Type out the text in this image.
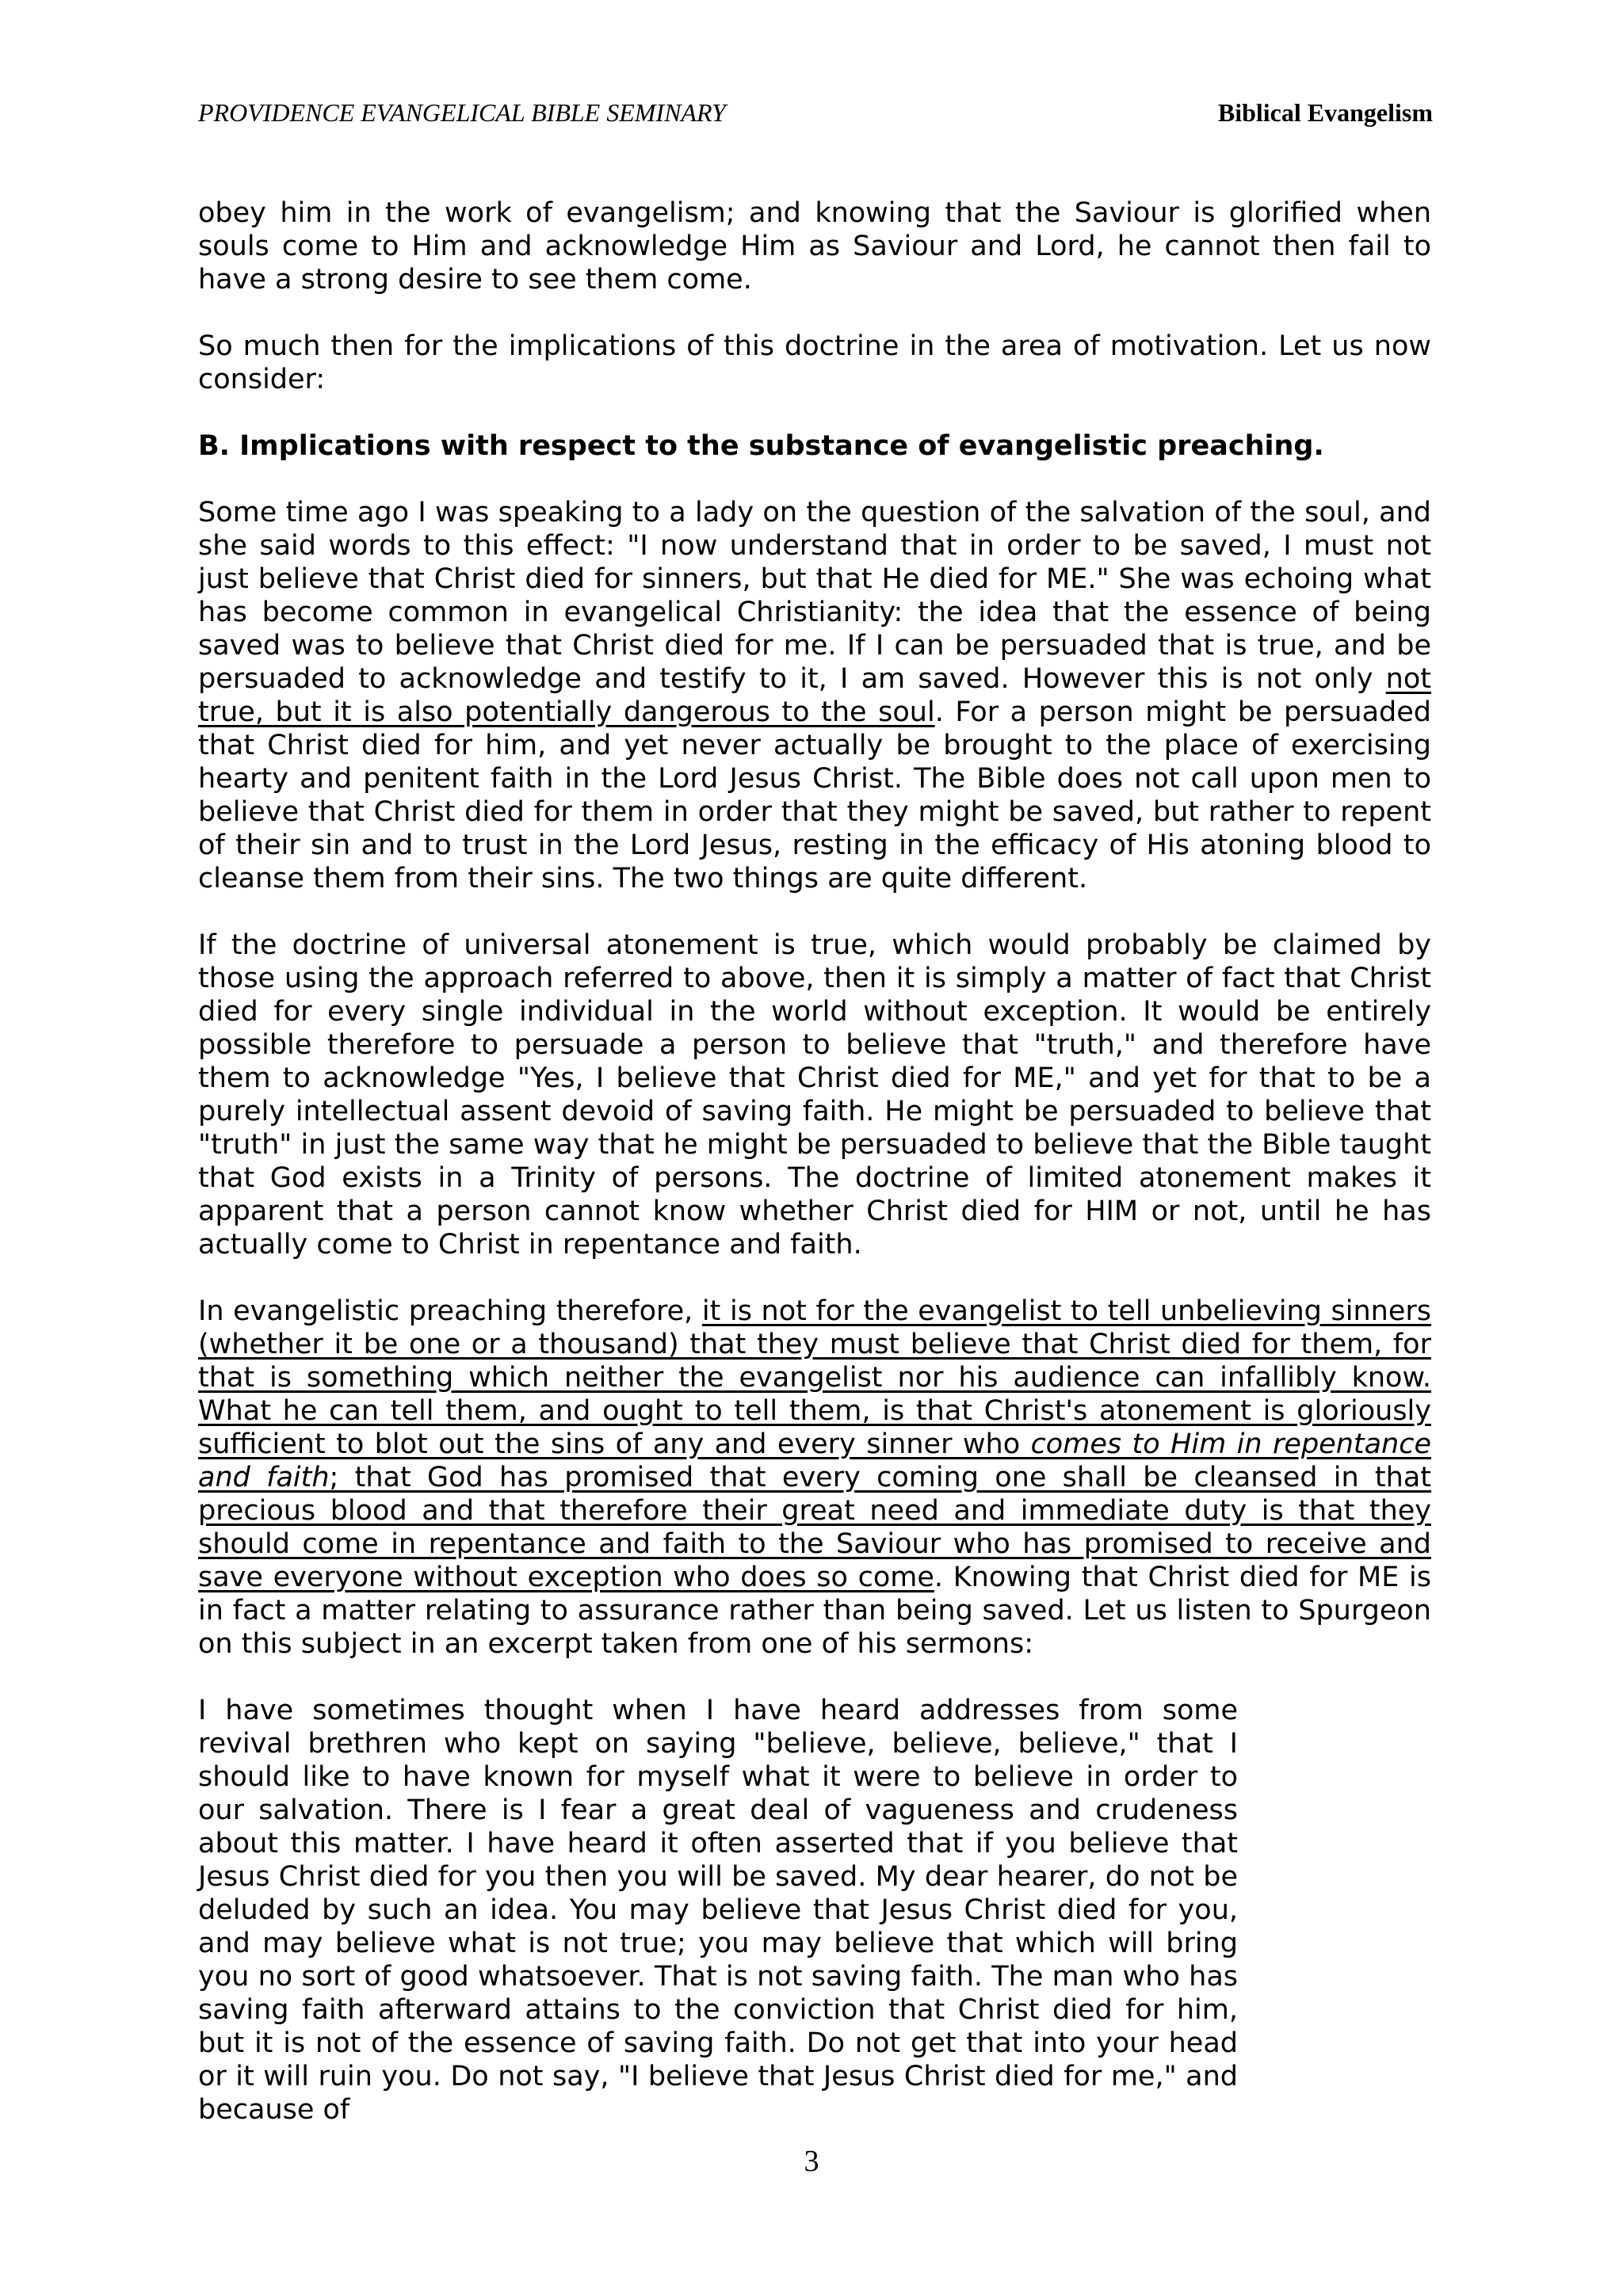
PROVIDENCE EVANGELICAL BIBLE SEMINARY	Biblical Evangelism

obey him in the work of evangelism; and knowing that the Saviour is glorified when souls come to Him and acknowledge Him as Saviour and Lord, he cannot then fail to have a strong desire to see them come.

So much then for the implications of this doctrine in the area of motivation. Let us now consider:

B. Implications with respect to the substance of evangelistic preaching.

Some time ago I was speaking to a lady on the question of the salvation of the soul, and she said words to this effect: "I now understand that in order to be saved, I must not just believe that Christ died for sinners, but that He died for ME." She was echoing what has become common in evangelical Christianity: the idea that the essence of being saved was to believe that Christ died for me. If I can be persuaded that is true, and be persuaded to acknowledge and testify to it, I am saved. However this is not only not true, but it is also potentially dangerous to the soul. For a person might be persuaded that Christ died for him, and yet never actually be brought to the place of exercising hearty and penitent faith in the Lord Jesus Christ. The Bible does not call upon men to believe that Christ died for them in order that they might be saved, but rather to repent of their sin and to trust in the Lord Jesus, resting in the efficacy of His atoning blood to cleanse them from their sins. The two things are quite different.

If the doctrine of universal atonement is true, which would probably be claimed by those using the approach referred to above, then it is simply a matter of fact that Christ died for every single individual in the world without exception. It would be entirely possible therefore to persuade a person to believe that "truth," and therefore have them to acknowledge "Yes, I believe that Christ died for ME," and yet for that to be a purely intellectual assent devoid of saving faith. He might be persuaded to believe that "truth" in just the same way that he might be persuaded to believe that the Bible taught that God exists in a Trinity of persons. The doctrine of limited atonement makes it apparent that a person cannot know whether Christ died for HIM or not, until he has actually come to Christ in repentance and faith.

In evangelistic preaching therefore, it is not for the evangelist to tell unbelieving sinners (whether it be one or a thousand) that they must believe that Christ died for them, for that is something which neither the evangelist nor his audience can infallibly know. What he can tell them, and ought to tell them, is that Christ's atonement is gloriously sufficient to blot out the sins of any and every sinner who comes to Him in repentance and faith; that God has promised that every coming one shall be cleansed in that precious blood and that therefore their great need and immediate duty is that they should come in repentance and faith to the Saviour who has promised to receive and save everyone without exception who does so come. Knowing that Christ died for ME is in fact a matter relating to assurance rather than being saved. Let us listen to Spurgeon on this subject in an excerpt taken from one of his sermons:

I have sometimes thought when I have heard addresses from some revival brethren who kept on saying "believe, believe, believe," that I should like to have known for myself what it were to believe in order to our salvation. There is I fear a great deal of vagueness and crudeness about this matter. I have heard it often asserted that if you believe that Jesus Christ died for you then you will be saved. My dear hearer, do not be deluded by such an idea. You may believe that Jesus Christ died for you, and may believe what is not true; you may believe that which will bring you no sort of good whatsoever. That is not saving faith. The man who has saving faith afterward attains to the conviction that Christ died for him, but it is not of the essence of saving faith. Do not get that into your head or it will ruin you. Do not say, "I believe that Jesus Christ died for me," and because of

3
